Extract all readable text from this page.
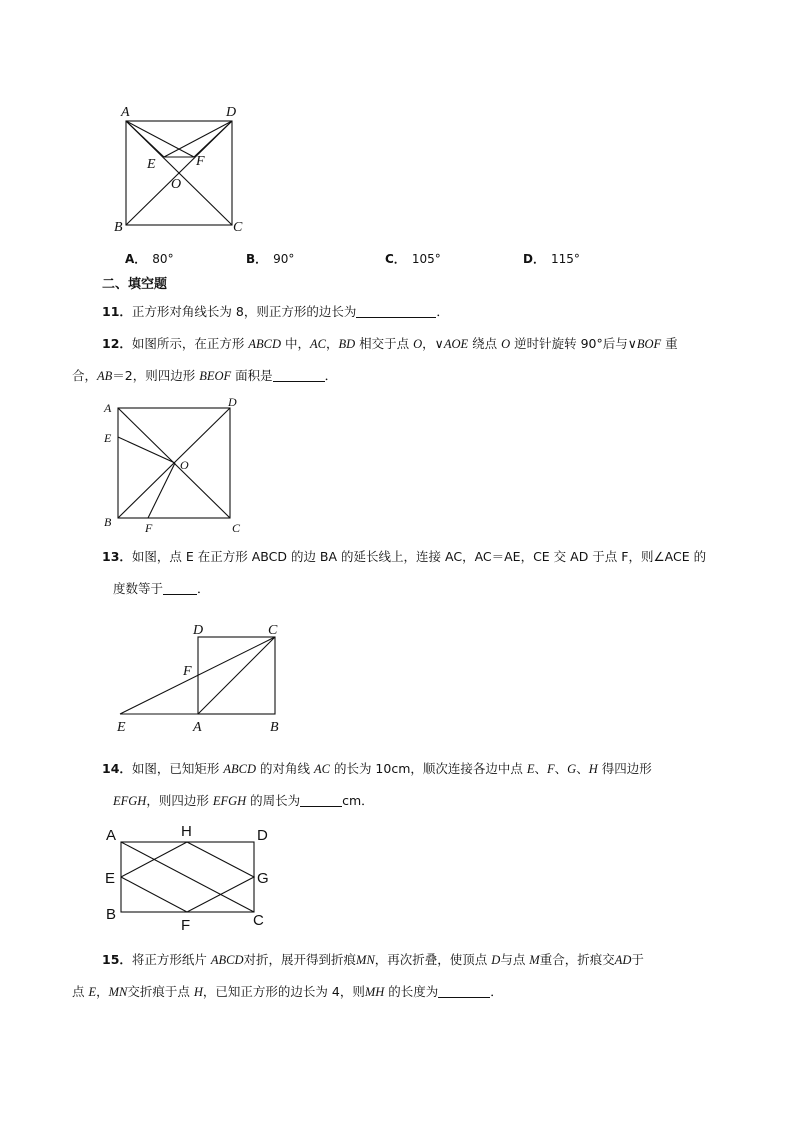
A	D
E	F
O
B	C
A． 80°	B． 90°	C． 105°	D． 115°
二、填空题
11．正方形对角线长为 8，则正方形的边长为	．
12．如图所示，在正方形 ABCD 中，AC，BD 相交于点 O，∨AOE 绕点 O 逆时针旋转 90°后与∨BOF 重
合，AB＝2，则四边形 BEOF 面积是	．
A	D
E
O
B	F	C
13．如图，点 E 在正方形 ABCD 的边 BA 的延长线上，连接 AC，AC＝AE，CE 交 AD 于点 F，则∠ACE 的
度数等于	．
D	C
F
E	A	B
14．如图，已知矩形 ABCD 的对角线 AC 的长为 10cm，顺次连接各边中点 E、F、G、H 得四边形
EFGH，则四边形 EFGH 的周长为	cm．
A	H	D
E	G
B
F	C
15．将正方形纸片 ABCD对折，展开得到折痕MN，再次折叠，使顶点 D与点 M重合，折痕交AD于
点 E，MN交折痕于点 H，已知正方形的边长为 4，则MH 的长度为	．
